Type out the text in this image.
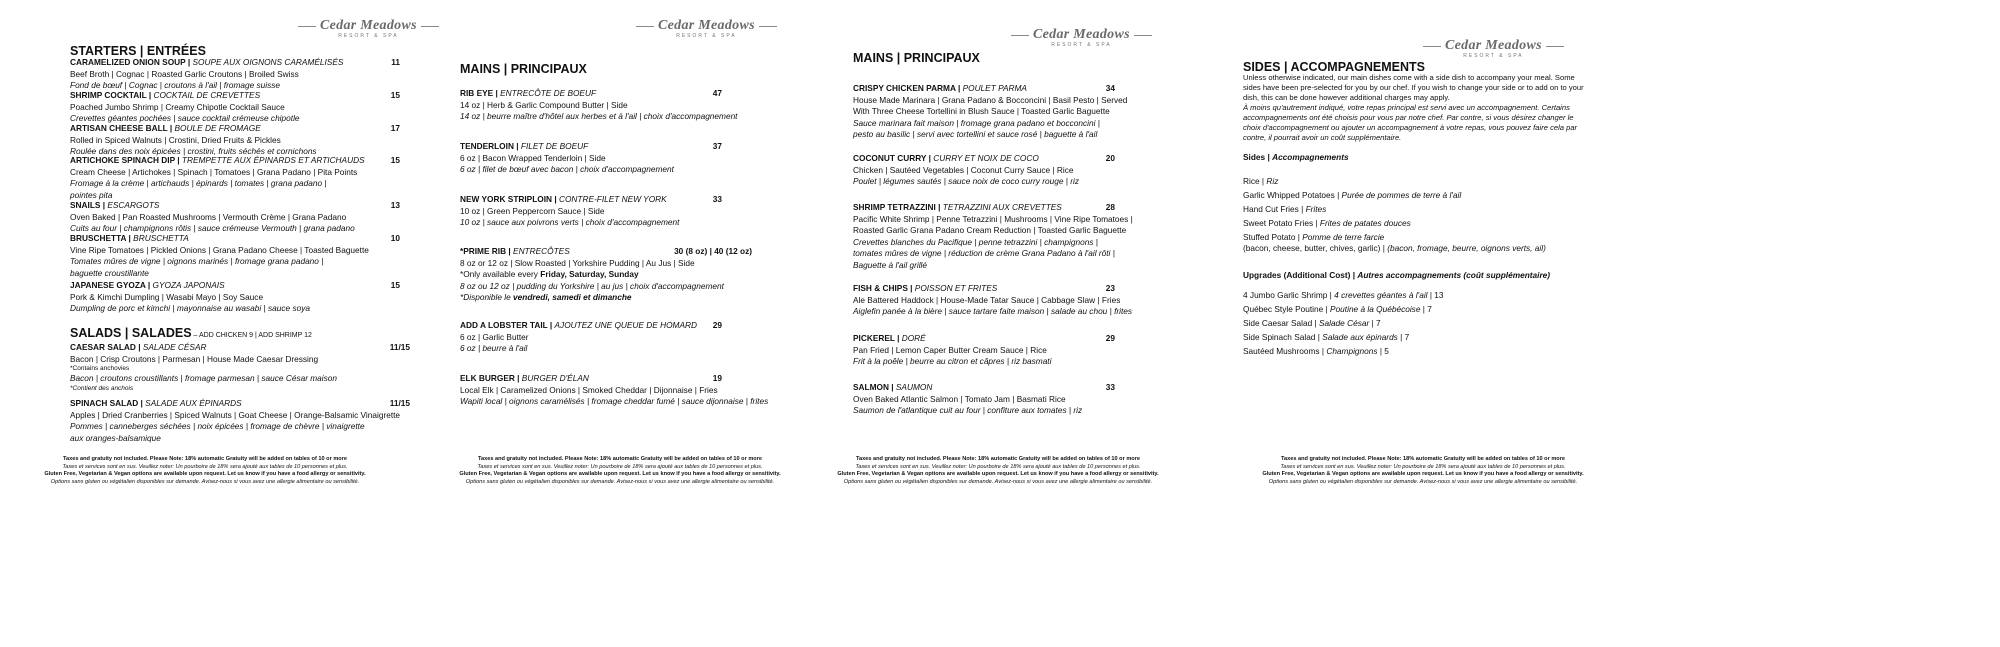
Cedar Meadows
RESORT & SPA
STARTERS | ENTRÉES
CARAMELIZED ONION SOUP | SOUPE AUX OIGNONS CARAMÉLISÉS	11
Beef Broth | Cognac | Roasted Garlic Croutons | Broiled Swiss
Fond de bœuf | Cognac | croutons à l'ail | fromage suisse
SHRIMP COCKTAIL | COCKTAIL DE CREVETTES	15
Poached Jumbo Shrimp | Creamy Chipotle Cocktail Sauce
Crevettes géantes pochées | sauce cocktail crémeuse chipotle
ARTISAN CHEESE BALL | BOULE DE FROMAGE	17
Rolled in Spiced Walnuts | Crostini, Dried Fruits & Pickles
Roulée dans des noix épicées | crostini, fruits séchés et cornichons
ARTICHOKE SPINACH DIP | TREMPETTE AUX ÉPINARDS ET ARTICHAUDS	15
Cream Cheese | Artichokes | Spinach | Tomatoes | Grana Padano | Pita Points
Fromage à la crème | artichauds | épinards | tomates | grana padano | pointes pita
SNAILS | ESCARGOTS	13
Oven Baked | Pan Roasted Mushrooms | Vermouth Crème | Grana Padano
Cuits au four | champignons rôtis | sauce crémeuse Vermouth | grana padano
BRUSCHETTA | BRUSCHETTA	10
Vine Ripe Tomatoes | Pickled Onions | Grana Padano Cheese | Toasted Baguette
Tomates mûres de vigne | oignons marinés | fromage grana padano | baguette croustillante
JAPANESE GYOZA | GYOZA JAPONAIS	15
Pork & Kimchi Dumpling | Wasabi Mayo | Soy Sauce
Dumpling de porc et kimchi | mayonnaise au wasabi | sauce soya
SALADS | SALADES – ADD CHICKEN 9 | ADD SHRIMP 12
CAESAR SALAD | SALADE CÉSAR	11/15
Bacon | Crisp Croutons | Parmesan | House Made Caesar Dressing
*Contains anchovies
Bacon | croutons croustillants | fromage parmesan | sauce César maison
*Contient des anchois
SPINACH SALAD | SALADE AUX ÉPINARDS	11/15
Apples | Dried Cranberries | Spiced Walnuts | Goat Cheese | Orange-Balsamic Vinaigrette
Pommes | canneberges séchées | noix épicées | fromage de chèvre | vinaigrette aux oranges-balsamique
Taxes and gratuity not included. Please Note: 18% automatic Gratuity will be added on tables of 10 or more
Taxes et services sont en sus. Veuillez noter: Un pourboire de 18% sera ajouté aux tables de 10 personnes et plus.
Gluten Free, Vegetarian & Vegan options are available upon request. Let us know if you have a food allergy or sensitivity.
Options sans gluten ou végétalien disponibles sur demande. Avisez-nous si vous avez une allergie alimentaire ou sensibilité.
Cedar Meadows
RESORT & SPA
MAINS | PRINCIPAUX
RIB EYE | ENTRECÔTE DE BOEUF	47
14 oz | Herb & Garlic Compound Butter | Side
14 oz | beurre maître d'hôtel aux herbes et à l'ail | choix d'accompagnement
TENDERLOIN | FILET DE BOEUF	37
6 oz | Bacon Wrapped Tenderloin | Side
6 oz | filet de bœuf avec bacon | choix d'accompagnement
NEW YORK STRIPLOIN | CONTRE-FILET NEW YORK	33
10 oz | Green Peppercorn Sauce | Side
10 oz | sauce aux poivrons verts | choix d'accompagnement
*PRIME RIB | ENTRECÔTES	30 (8 oz) | 40 (12 oz)
8 oz or 12 oz | Slow Roasted | Yorkshire Pudding | Au Jus | Side
*Only available every Friday, Saturday, Sunday
8 oz ou 12 oz | pudding du Yorkshire | au jus | choix d'accompagnement
*Disponible le vendredi, samedi et dimanche
ADD A LOBSTER TAIL | AJOUTEZ UNE QUEUE DE HOMARD	29
6 oz | Garlic Butter
6 oz | beurre à l'ail
ELK BURGER | BURGER D'ÉLAN	19
Local Elk | Caramelized Onions | Smoked Cheddar | Dijonnaise | Fries
Wapiti local | oignons caramélisés | fromage cheddar fumé | sauce dijonnaise | frites
Taxes and gratuity not included. Please Note: 18% automatic Gratuity will be added on tables of 10 or more
Taxes et services sont en sus. Veuillez noter: Un pourboire de 18% sera ajouté aux tables de 10 personnes et plus.
Gluten Free, Vegetarian & Vegan options are available upon request. Let us know if you have a food allergy or sensitivity.
Options sans gluten ou végétalien disponibles sur demande. Avisez-nous si vous avez une allergie alimentaire ou sensibilité.
Cedar Meadows
RESORT & SPA
MAINS | PRINCIPAUX
CRISPY CHICKEN PARMA | POULET PARMA	34
House Made Marinara | Grana Padano & Bocconcini | Basil Pesto | Served
With Three Cheese Tortellini in Blush Sauce | Toasted Garlic Baguette
Sauce marinara fait maison | fromage grana padano et bocconcini | pesto au basilic | servi avec tortellini et sauce rosé | baguette à l'ail
COCONUT CURRY | CURRY ET NOIX DE COCO	20
Chicken | Sautéed Vegetables | Coconut Curry Sauce | Rice
Poulet | légumes sautés | sauce noix de coco curry rouge | riz
SHRIMP TETRAZZINI | TETRAZZINI AUX CREVETTES	28
Pacific White Shrimp | Penne Tetrazzini | Mushrooms | Vine Ripe Tomatoes |
Roasted Garlic Grana Padano Cream Reduction | Toasted Garlic Baguette
Crevettes blanches du Pacifique | penne tetrazzini | champignons | tomates mûres de vigne | réduction de crème Grana Padano à l'ail rôti | Baguette à l'ail grillé
FISH & CHIPS | POISSON ET FRITES	23
Ale Battered Haddock | House-Made Tatar Sauce | Cabbage Slaw | Fries
Aiglefin panée à la bière | sauce tartare faite maison | salade au chou | frites
PICKEREL | DORÉ	29
Pan Fried | Lemon Caper Butter Cream Sauce | Rice
Frit à la poêle | beurre au citron et câpres | riz basmati
SALMON | SAUMON	33
Oven Baked Atlantic Salmon | Tomato Jam | Basmati Rice
Saumon de l'atlantique cuit au four | confiture aux tomates | riz
Taxes and gratuity not included. Please Note: 18% automatic Gratuity will be added on tables of 10 or more
Taxes et services sont en sus. Veuillez noter: Un pourboire de 18% sera ajouté aux tables de 10 personnes et plus.
Gluten Free, Vegetarian & Vegan options are available upon request. Let us know if you have a food allergy or sensitivity.
Options sans gluten ou végétalien disponibles sur demande. Avisez-nous si vous avez une allergie alimentaire ou sensibilité.
Cedar Meadows
RESORT & SPA
SIDES | ACCOMPAGNEMENTS
Unless otherwise indicated, our main dishes come with a side dish to accompany your meal. Some sides have been pre-selected for you by our chef. If you wish to change your side or to add on to your dish, this can be done however additional charges may apply.
À moins qu'autrement indiqué, votre repas principal est servi avec un accompagnement. Certains accompagnements ont été choisis pour vous par notre chef. Par contre, si vous désirez changer le choix d'accompagnement ou ajouter un accompagnement à votre repas, vous pouvez faire cela par contre, il pourrait avoir un coût supplémentaire.
Sides | Accompagnements
Rice | Riz
Garlic Whipped Potatoes | Purée de pommes de terre à l'ail
Hand Cut Fries | Frites
Sweet Potato Fries | Frites de patates douces
Stuffed Potato | Pomme de terre farcie
(bacon, cheese, butter, chives, garlic) | (bacon, fromage, beurre, oignons verts, ail)
Upgrades (Additional Cost) | Autres accompagnements (coût supplémentaire)
4 Jumbo Garlic Shrimp | 4 crevettes géantes à l'ail | 13
Québec Style Poutine | Poutine à la Québécoise | 7
Side Caesar Salad | Salade César | 7
Side Spinach Salad | Salade aux épinards | 7
Sautéed Mushrooms | Champignons | 5
Taxes and gratuity not included. Please Note: 18% automatic Gratuity will be added on tables of 10 or more
Taxes et services sont en sus. Veuillez noter: Un pourboire de 18% sera ajouté aux tables de 10 personnes et plus.
Gluten Free, Vegetarian & Vegan options are available upon request. Let us know if you have a food allergy or sensitivity.
Options sans gluten ou végétalien disponibles sur demande. Avisez-nous si vous avez une allergie alimentaire ou sensibilité.
